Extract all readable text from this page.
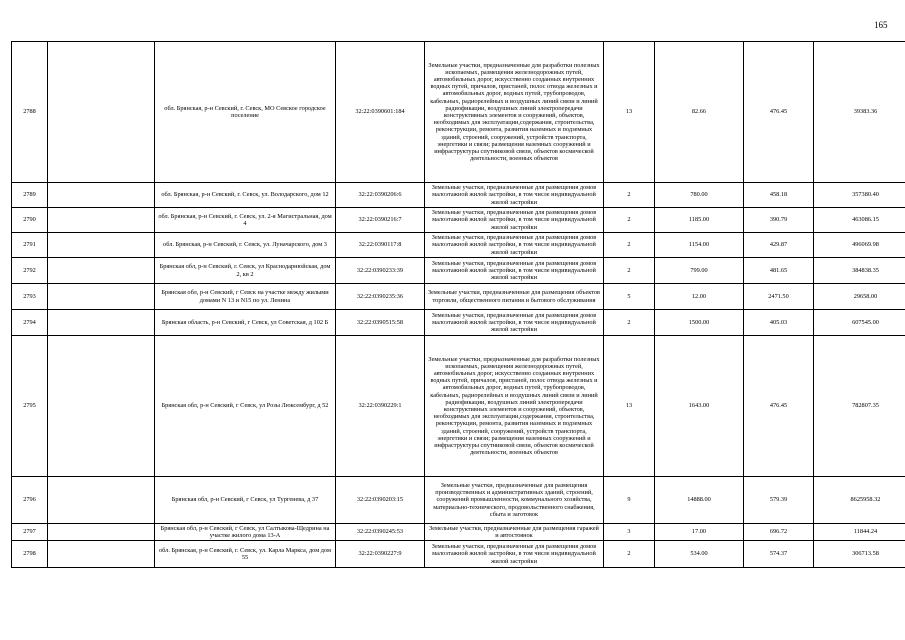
165
2788		обл. Брянская, р-н Севский, г. Севск, МО Севское городское поселение	32:22:0390601:184	Земельные участки, предназначенные для разработки полезных ископаемых, размещения железнодорожных путей, автомобильных дорог, искусственно созданных внутренних водных путей, причалов, пристаней, полос отвода железных и автомобильных дорог, водных путей, трубопроводов, кабельных, радиорелейных и воздушных линий связи и линий радиофикации, воздушных линий электропередачи конструктивных элементов и сооружений, объектов, необходимых для эксплуатации,содержания, строительства, реконструкции, ремонта, развития наземных и подземных зданий, строений, сооружений, устройств транспорта, энергетики и связи; размещения наземных сооружений и инфраструктуры спутниковой связи, объектов космической деятельности, военных объектов	13	82.66	476.45	39383.36
2789		обл. Брянская, р-н Севский, г. Севск, ул. Володарского, дом 12	32:22:0390206:6	Земельные участки, предназначенные для размещения домов малоэтажной жилой застройки, в том числе индивидуальной жилой застройки	2	780.00	458.18	357380.40
2790		обл. Брянская, р-н Севский, г. Севск, ул. 2-я Магистральная, дом 4	32:22:0390216:7	Земельные участки, предназначенные для размещения домов малоэтажной жилой застройки, в том числе индивидуальной жилой застройки	2	1185.00	390.79	463086.15
2791		обл. Брянская, р-н Севский, г. Севск, ул. Луначарского, дом 3	32:22:0390117:8	Земельные участки, предназначенные для размещения домов малоэтажной жилой застройки, в том числе индивидуальной жилой застройки	2	1154.00	429.87	496069.98
2792		Брянская обл, р-н Севский, г. Севск, ул Краснодарнюйская, дом 2, кв 2	32:22:0390233:39	Земельные участки, предназначенные для размещения домов малоэтажной жилой застройки, в том числе индивидуальной жилой застройки	2	799.00	481.65	384838.35
2793		Брянская обл, р-н Севский, г Севск на участке между жилыми домами N 13 и N15 по ул. Ленина	32:22:0390235:36	Земельные участки, предназначенные для размещения объектов торговли, общественного питания и бытового обслуживания	5	12.00	2471.50	29658.00
2794		Брянская область, р-н Севский, г Севск, ул Советская, д 102 Б	32:22:0390515:58	Земельные участки, предназначенные для размещения домов малоэтажной жилой застройки, в том числе индивидуальной жилой застройки	2	1500.00	405.03	607545.00
2795		Брянская обл, р-н Севский, г Севск, ул Розы Люксембург, д 52	32:22:0390229:1	Земельные участки, предназначенные для разработки полезных ископаемых, размещения железнодорожных путей, автомобильных дорог, искусственно созданных внутренних водных путей, причалов, пристаней, полос отвода железных и автомобильных дорог, водных путей, трубопроводов, кабельных, радиорелейных и воздушных линий связи и линий радиофикации, воздушных линий электропередачи конструктивных элементов и сооружений, объектов, необходимых для эксплуатации,содержания, строительства, реконструкции, ремонта, развития наземных и подземных зданий, строений, сооружений, устройств транспорта, энергетики и связи; размещения наземных сооружений и инфраструктуры спутниковой связи, объектов космической деятельности, военных объектов	13	1643.00	476.45	782807.35
2796		Брянская обл, р-н Севский, г Севск, ул Тургенева, д 37	32:22:0390203:15	Земельные участки, предназначенные для размещения производственных и административных зданий, строений, сооружений промышленности, коммунального хозяйства, материально-технического, продовольственного снабжения, сбыта и заготовок	9	14888.00	579.39	8625958.32
2797		Брянская обл, р-н Севский, г Севск, ул Салтыкова-Щедрина на участке жилого дома 13-А	32:22:0390245:53	Земельные участки, предназначенные для размещения гаражей и автостоянок	3	17.00	696.72	11844.24
2798		обл. Брянская, р-н Севский, г. Севск, ул. Карла Маркса, дом дом 55	32:22:0390227:9	Земельные участки, предназначенные для размещения домов малоэтажной жилой застройки, в том числе индивидуальной жилой застройки	2	534.00	574.37	306713.58
